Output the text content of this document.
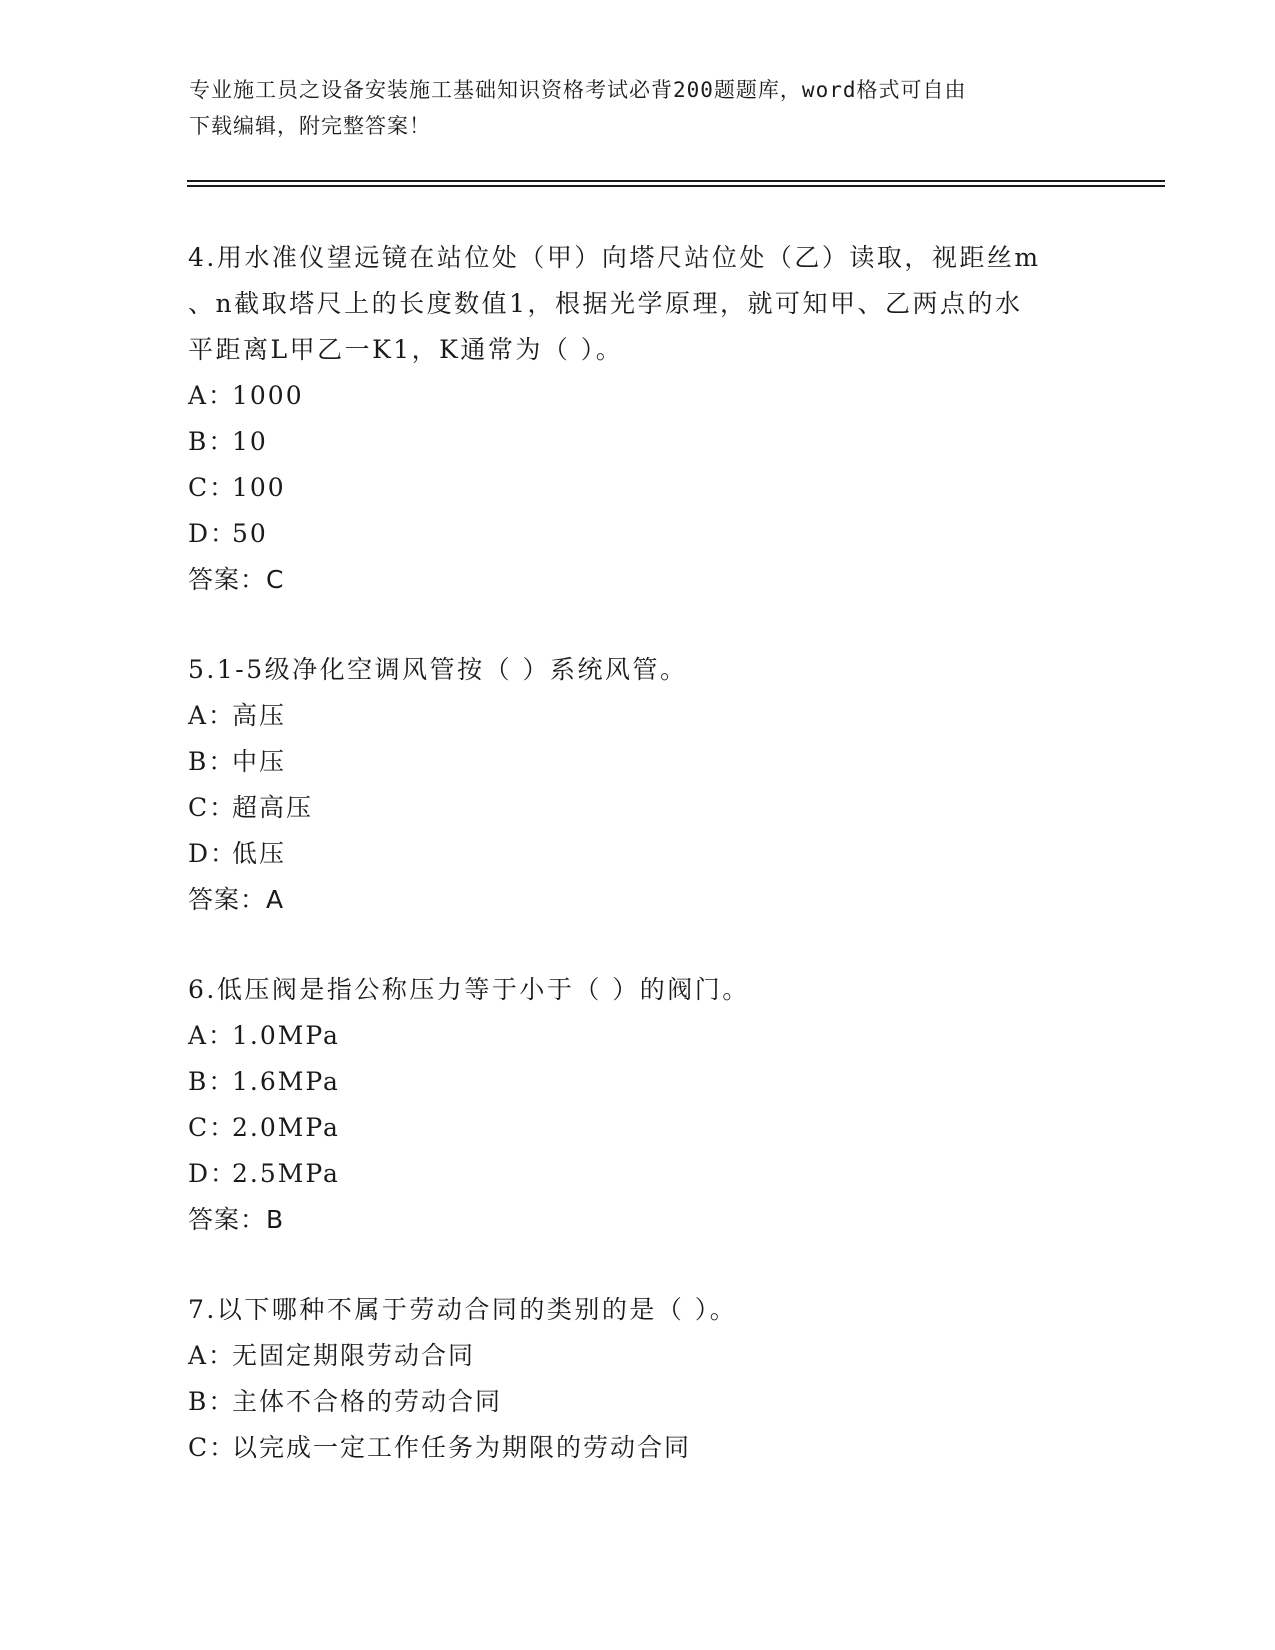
专业施工员之设备安装施工基础知识资格考试必背200题题库，word格式可自由
下载编辑，附完整答案！
4.用水准仪望远镜在站位处（甲）向塔尺站位处（乙）读取，视距丝m
、n截取塔尺上的长度数值1，根据光学原理，就可知甲、乙两点的水
平距离L甲乙一K1，K通常为（ ）。
A：1000
B：10
C：100
D：50
答案：C
5.1-5级净化空调风管按（ ）系统风管。
A：高压
B：中压
C：超高压
D：低压
答案：A
6.低压阀是指公称压力等于小于（ ）的阀门。
A：1.0MPa
B：1.6MPa
C：2.0MPa
D：2.5MPa
答案：B
7.以下哪种不属于劳动合同的类别的是（ ）。
A：无固定期限劳动合同
B：主体不合格的劳动合同
C：以完成一定工作任务为期限的劳动合同
